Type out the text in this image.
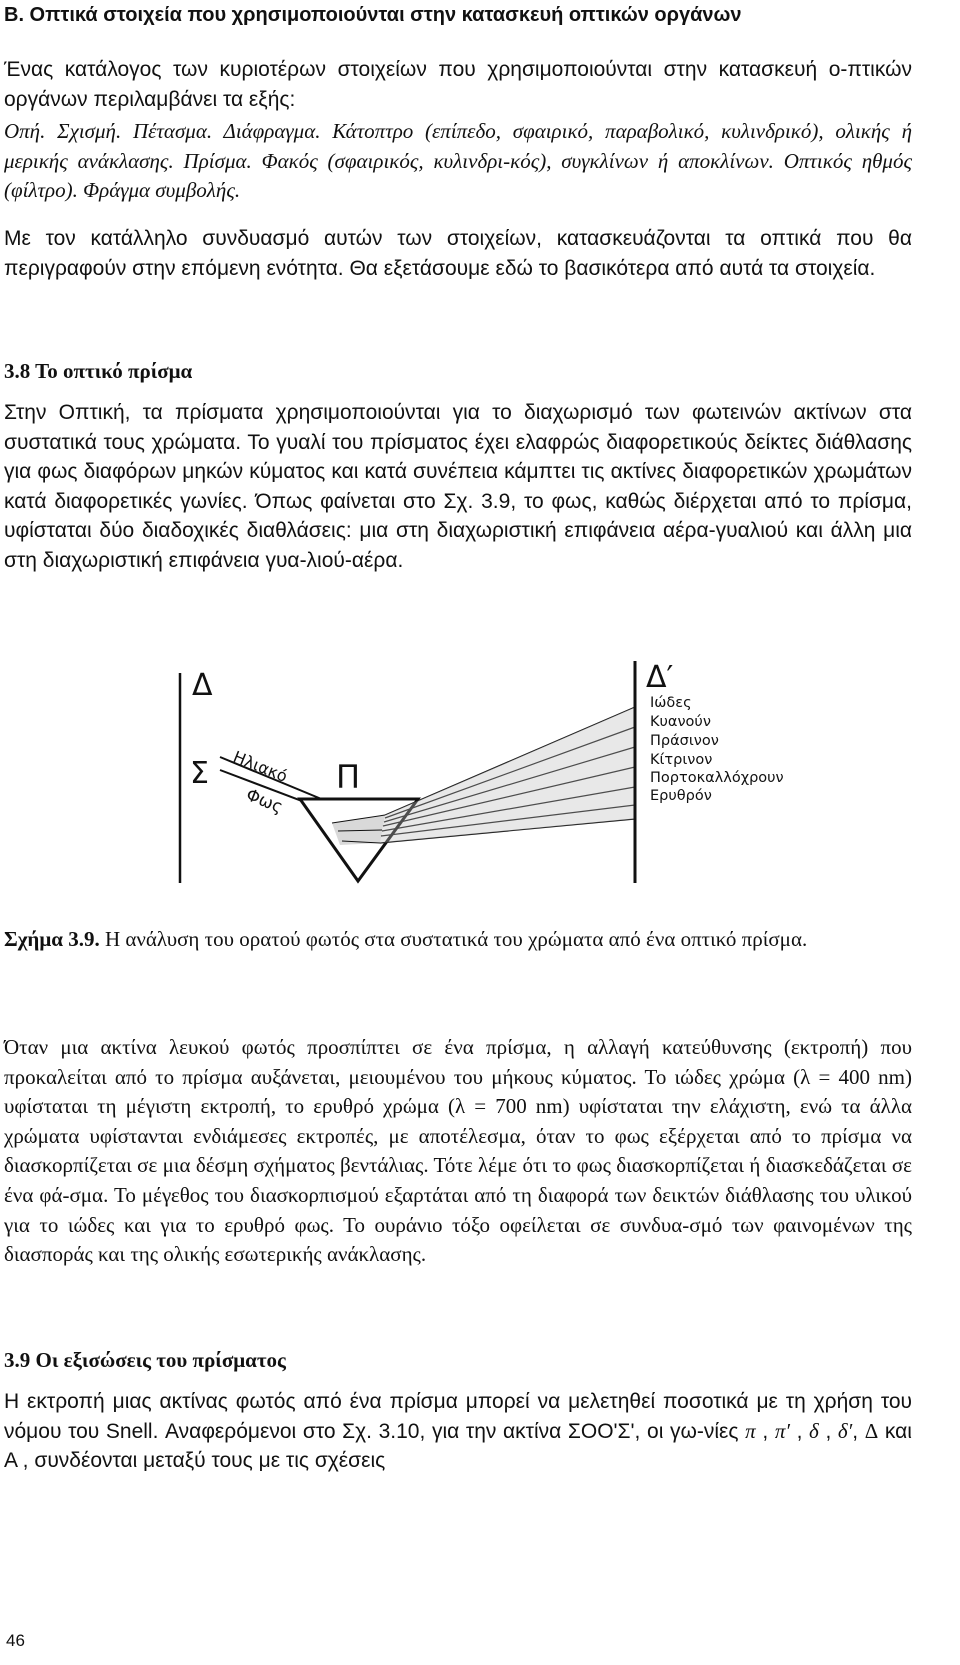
B. Οπτικά στοιχεία που χρησιμοποιούνται στην κατασκευή οπτικών οργάνων

Ένας κατάλογος των κυριοτέρων στοιχείων που χρησιμοποιούνται στην κατασκευή ο-πτικών οργάνων περιλαμβάνει τα εξής:

Οπή. Σχισμή. Πέτασμα. Διάφραγμα. Κάτοπτρο (επίπεδο, σφαιρικό, παραβολικό, κυλινδρικό), ολικής ή μερικής ανάκλασης. Πρίσμα. Φακός (σφαιρικός, κυλινδρι-κός), συγκλίνων ή αποκλίνων. Οπτικός ηθμός (φίλτρο). Φράγμα συμβολής.

Με τον κατάλληλο συνδυασμό αυτών των στοιχείων, κατασκευάζονται τα οπτικά που θα περιγραφούν στην επόμενη ενότητα. Θα εξετάσουμε εδώ το βασικότερα από αυτά τα στοιχεία.

3.8 Το οπτικό πρίσμα

Στην Οπτική, τα πρίσματα χρησιμοποιούνται για το διαχωρισμό των φωτεινών ακτίνων στα συστατικά τους χρώματα. Το γυαλί του πρίσματος έχει ελαφρώς διαφορετικούς δείκτες διάθλασης για φως διαφόρων μηκών κύματος και κατά συνέπεια κάμπτει τις ακτίνες διαφορετικών χρωμάτων κατά διαφορετικές γωνίες. Όπως φαίνεται στο Σχ. 3.9, το φως, καθώς διέρχεται από το πρίσμα, υφίσταται δύο διαδοχικές διαθλάσεις: μια στη διαχωριστική επιφάνεια αέρα-γυαλιού και άλλη μια στη διαχωριστική επιφάνεια γυα-λιού-αέρα.

Δ
Σ Ηλιακό
Φως
Π
Δ′
Ιώδες
Κυανούν
Πράσινον
Κίτρινον
Πορτοκαλλόχρουν
Ερυθρόν

Σχήμα 3.9. Η ανάλυση του ορατού φωτός στα συστατικά του χρώματα από ένα οπτικό πρίσμα.

Όταν μια ακτίνα λευκού φωτός προσπίπτει σε ένα πρίσμα, η αλλαγή κατεύθυνσης (εκτροπή) που προκαλείται από το πρίσμα αυξάνεται, μειουμένου του μήκους κύματος. Το ιώδες χρώμα (λ = 400 nm) υφίσταται τη μέγιστη εκτροπή, το ερυθρό χρώμα (λ = 700 nm) υφίσταται την ελάχιστη, ενώ τα άλλα χρώματα υφίστανται ενδιάμεσες εκτροπές, με αποτέλεσμα, όταν το φως εξέρχεται από το πρίσμα να διασκορπίζεται σε μια δέσμη σχήματος βεντάλιας. Τότε λέμε ότι το φως διασκορπίζεται ή διασκεδάζεται σε ένα φά-σμα. Το μέγεθος του διασκορπισμού εξαρτάται από τη διαφορά των δεικτών διάθλασης του υλικού για το ιώδες και για το ερυθρό φως. Το ουράνιο τόξο οφείλεται σε συνδυα-σμό των φαινομένων της διασποράς και της ολικής εσωτερικής ανάκλασης.

3.9 Οι εξισώσεις του πρίσματος

Η εκτροπή μιας ακτίνας φωτός από ένα πρίσμα μπορεί να μελετηθεί ποσοτικά με τη χρήση του νόμου του Snell. Αναφερόμενοι στο Σχ. 3.10, για την ακτίνα ΣΟΟ'Σ', οι γω-νίες π , π′ , δ , δ′, Δ και Α , συνδέονται μεταξύ τους με τις σχέσεις

46
